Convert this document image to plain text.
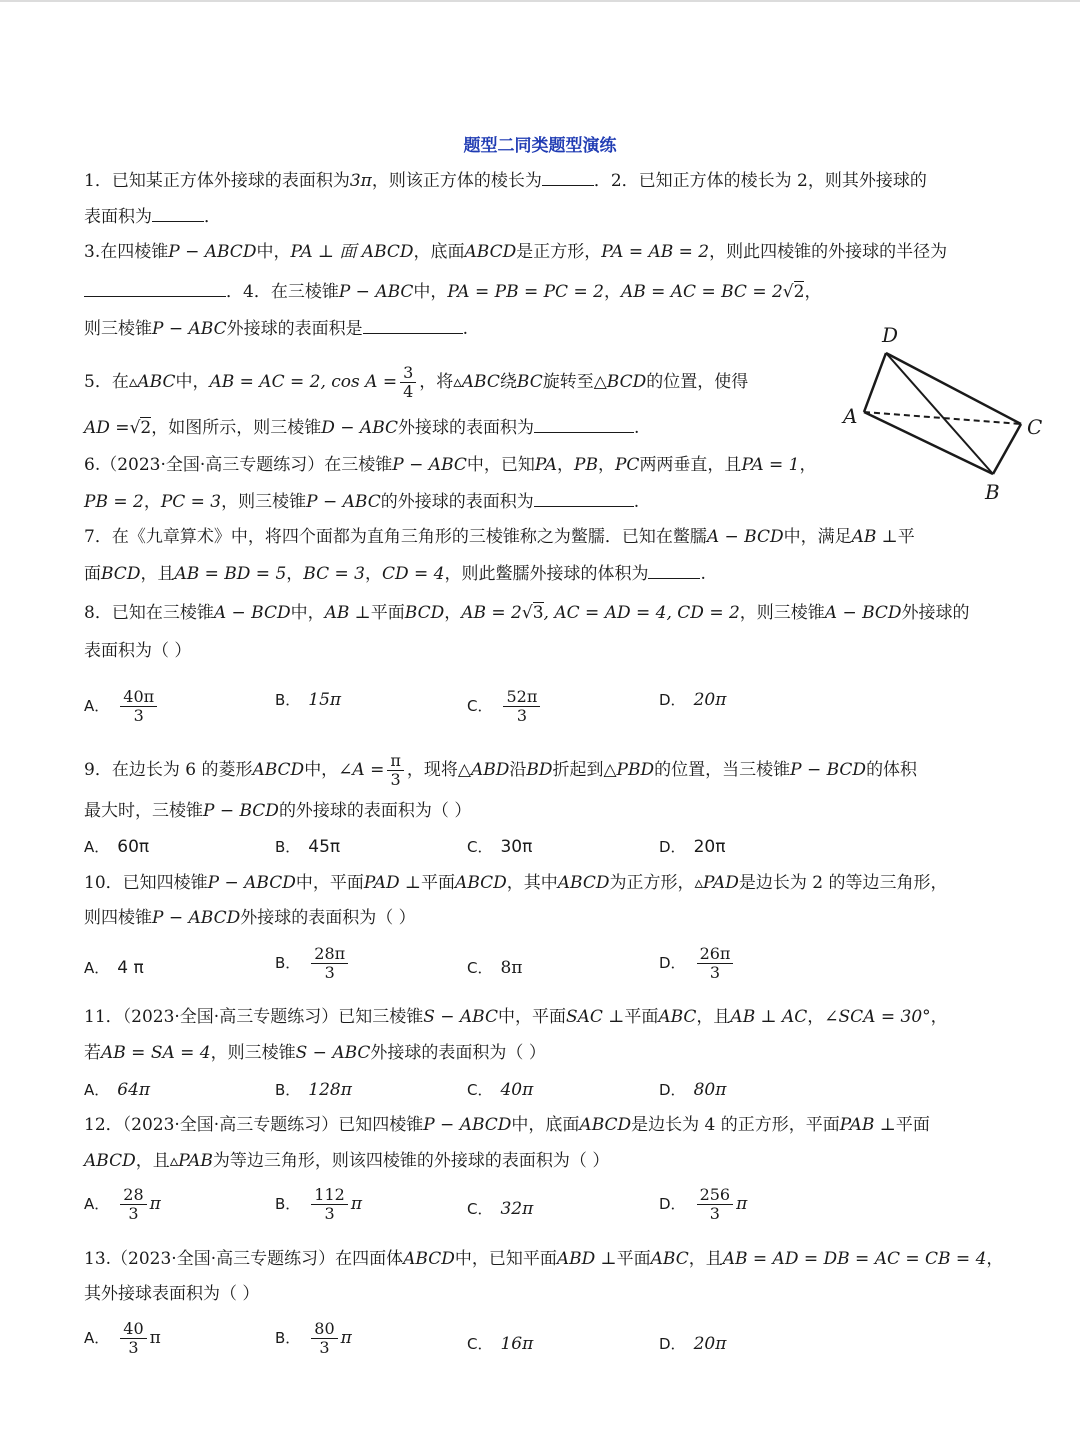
题型二同类题型演练
1．已知某正方体外接球的表面积为3π，则该正方体的棱长为	．2．已知正方体的棱长为 2，则其外接球的
表面积为	．
3.在四棱锥P − ABCD中，PA ⊥ 面 ABCD，底面ABCD是正方形，PA = AB = 2，则此四棱锥的外接球的半径为
．4．在三棱锥P − ABC中，PA = PB = PC = 2，AB = AC = BC = 2√2，
则三棱锥P − ABC外接球的表面积是	.
5．在▵ABC中，AB = AC = 2, $\cos A = \frac{3}{4}$ ，将▵ABC绕BC旋转至△BCD的位置，使得
AD =√2，如图所示，则三棱锥D − ABC外接球的表面积为	.
D
A	C
B
6.（2023·全国·高三专题练习）在三棱锥P − ABC中，已知PA，PB，PC两两垂直，且PA = 1，
PB = 2，PC = 3，则三棱锥P − ABC的外接球的表面积为	.
7．在《九章算术》中，将四个面都为直角三角形的三棱锥称之为鳖臑．已知在鳖臑A − BCD中，满足AB ⊥平
面BCD，且AB = BD = 5，BC = 3，CD = 4，则此鳖臑外接球的体积为	.
8．已知在三棱锥A − BCD中，AB ⊥平面BCD，AB = 2√3, AC = AD = 4, CD = 2，则三棱锥A − BCD外接球的
表面积为（ ）
A． $\frac{40\pi}{3}$	B． 15π	C． $\frac{52\pi}{3}$	D． 20π
9．在边长为 6 的菱形ABCD中，∠A = $\frac{\pi}{3}$ ，现将△ABD沿BD折起到△PBD的位置，当三棱锥P − BCD的体积
最大时，三棱锥P − BCD的外接球的表面积为（ ）
A． 60π	B． 45π	C． 30π	D． 20π
10．已知四棱锥P − ABCD中，平面PAD ⊥平面ABCD，其中ABCD为正方形，▵PAD是边长为 2 的等边三角形，
则四棱锥P − ABCD外接球的表面积为（ ）
A． 4 π	B． $\frac{28\pi}{3}$	C． 8π	D． $\frac{26\pi}{3}$
11．（2023·全国·高三专题练习）已知三棱锥S − ABC中，平面SAC ⊥平面ABC，且AB ⊥ AC，∠SCA = 30°，
若AB = SA = 4，则三棱锥S − ABC外接球的表面积为（ ）
A． 64π	B． 128π	C． 40π	D． 80π
12．（2023·全国·高三专题练习）已知四棱锥P − ABCD中，底面ABCD是边长为 4 的正方形，平面PAB ⊥平面
ABCD，且▵PAB为等边三角形，则该四棱锥的外接球的表面积为（ ）
A． $\frac{28}{3}$ π	B． $\frac{112}{3}$ π	C． 32π	D． $\frac{256}{3}$ π
13.（2023·全国·高三专题练习）在四面体ABCD中，已知平面ABD ⊥平面ABC，且AB = AD = DB = AC = CB = 4，
其外接球表面积为（ ）
A． $\frac{40}{3}$ π	B． $\frac{80}{3}$ π	C． 16π	D． 20π
